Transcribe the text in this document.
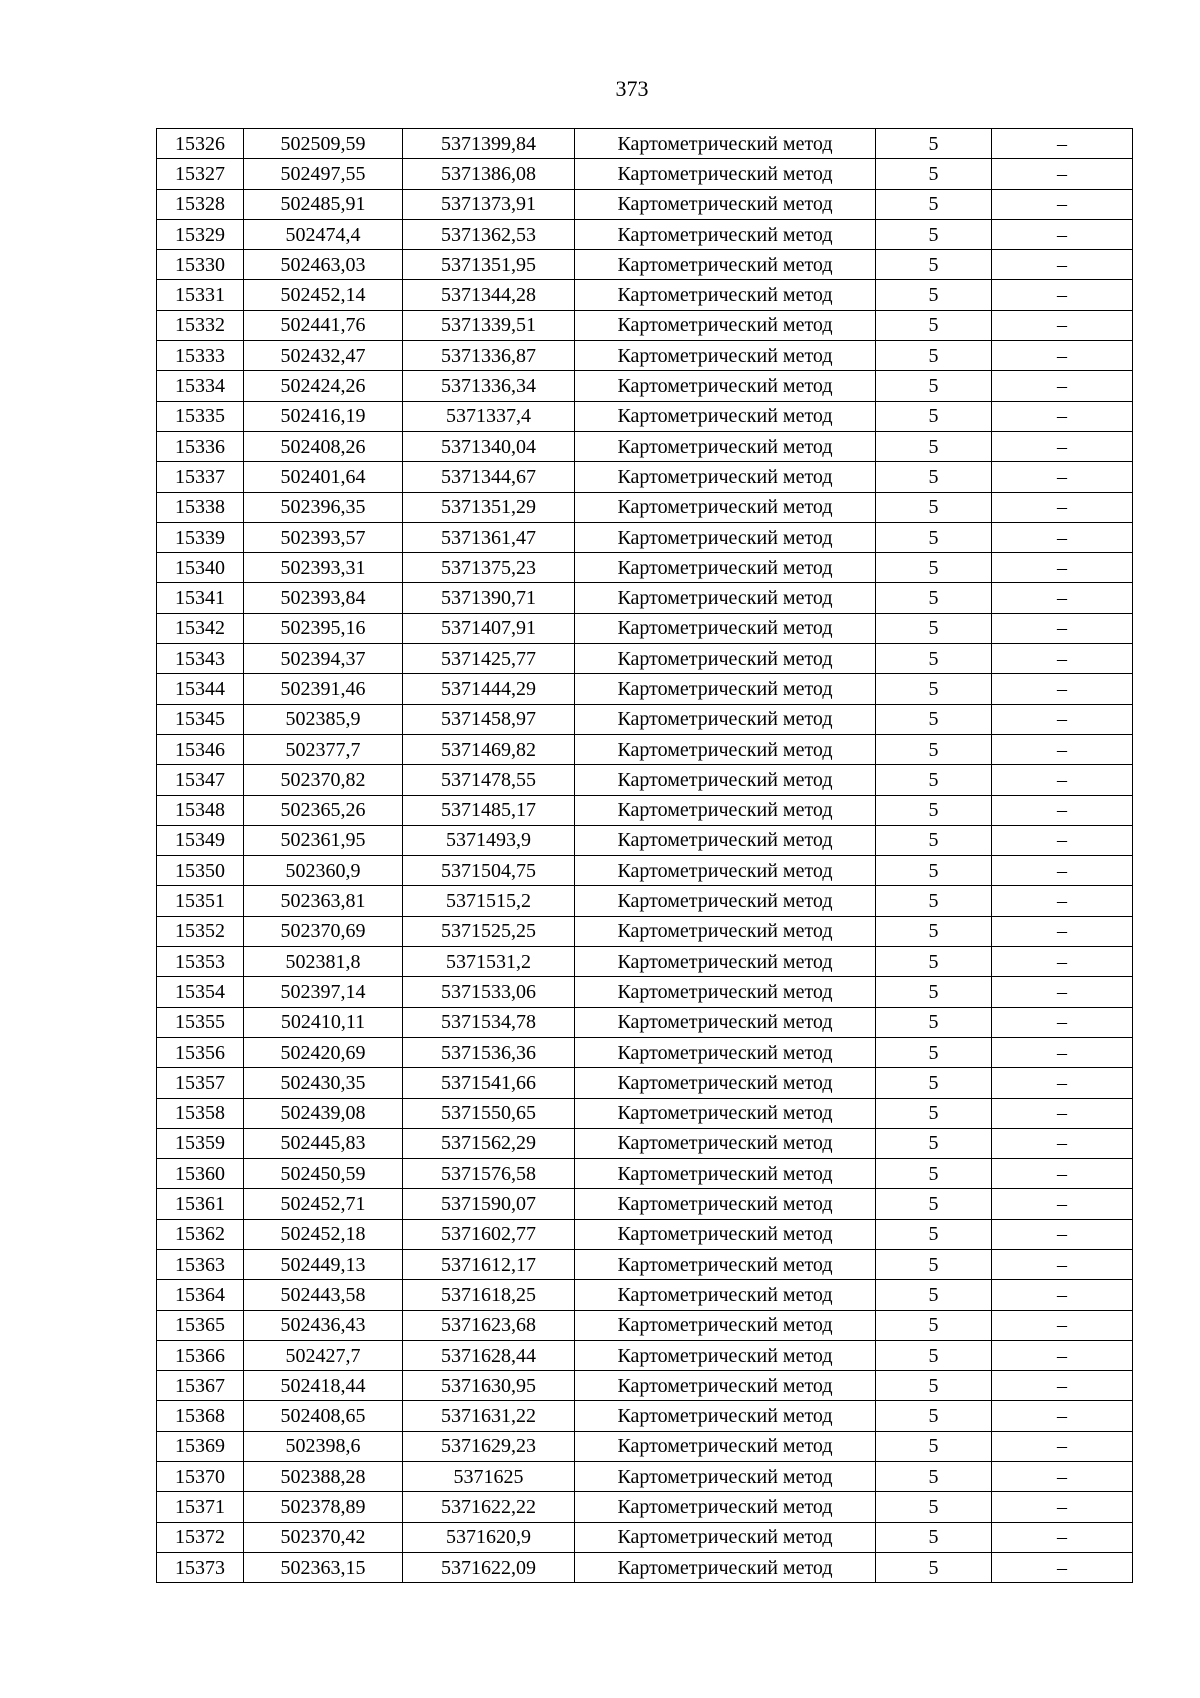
373
15326	502509,59	5371399,84	Картометрический метод	5	–
15327	502497,55	5371386,08	Картометрический метод	5	–
15328	502485,91	5371373,91	Картометрический метод	5	–
15329	502474,4	5371362,53	Картометрический метод	5	–
15330	502463,03	5371351,95	Картометрический метод	5	–
15331	502452,14	5371344,28	Картометрический метод	5	–
15332	502441,76	5371339,51	Картометрический метод	5	–
15333	502432,47	5371336,87	Картометрический метод	5	–
15334	502424,26	5371336,34	Картометрический метод	5	–
15335	502416,19	5371337,4	Картометрический метод	5	–
15336	502408,26	5371340,04	Картометрический метод	5	–
15337	502401,64	5371344,67	Картометрический метод	5	–
15338	502396,35	5371351,29	Картометрический метод	5	–
15339	502393,57	5371361,47	Картометрический метод	5	–
15340	502393,31	5371375,23	Картометрический метод	5	–
15341	502393,84	5371390,71	Картометрический метод	5	–
15342	502395,16	5371407,91	Картометрический метод	5	–
15343	502394,37	5371425,77	Картометрический метод	5	–
15344	502391,46	5371444,29	Картометрический метод	5	–
15345	502385,9	5371458,97	Картометрический метод	5	–
15346	502377,7	5371469,82	Картометрический метод	5	–
15347	502370,82	5371478,55	Картометрический метод	5	–
15348	502365,26	5371485,17	Картометрический метод	5	–
15349	502361,95	5371493,9	Картометрический метод	5	–
15350	502360,9	5371504,75	Картометрический метод	5	–
15351	502363,81	5371515,2	Картометрический метод	5	–
15352	502370,69	5371525,25	Картометрический метод	5	–
15353	502381,8	5371531,2	Картометрический метод	5	–
15354	502397,14	5371533,06	Картометрический метод	5	–
15355	502410,11	5371534,78	Картометрический метод	5	–
15356	502420,69	5371536,36	Картометрический метод	5	–
15357	502430,35	5371541,66	Картометрический метод	5	–
15358	502439,08	5371550,65	Картометрический метод	5	–
15359	502445,83	5371562,29	Картометрический метод	5	–
15360	502450,59	5371576,58	Картометрический метод	5	–
15361	502452,71	5371590,07	Картометрический метод	5	–
15362	502452,18	5371602,77	Картометрический метод	5	–
15363	502449,13	5371612,17	Картометрический метод	5	–
15364	502443,58	5371618,25	Картометрический метод	5	–
15365	502436,43	5371623,68	Картометрический метод	5	–
15366	502427,7	5371628,44	Картометрический метод	5	–
15367	502418,44	5371630,95	Картометрический метод	5	–
15368	502408,65	5371631,22	Картометрический метод	5	–
15369	502398,6	5371629,23	Картометрический метод	5	–
15370	502388,28	5371625	Картометрический метод	5	–
15371	502378,89	5371622,22	Картометрический метод	5	–
15372	502370,42	5371620,9	Картометрический метод	5	–
15373	502363,15	5371622,09	Картометрический метод	5	–
